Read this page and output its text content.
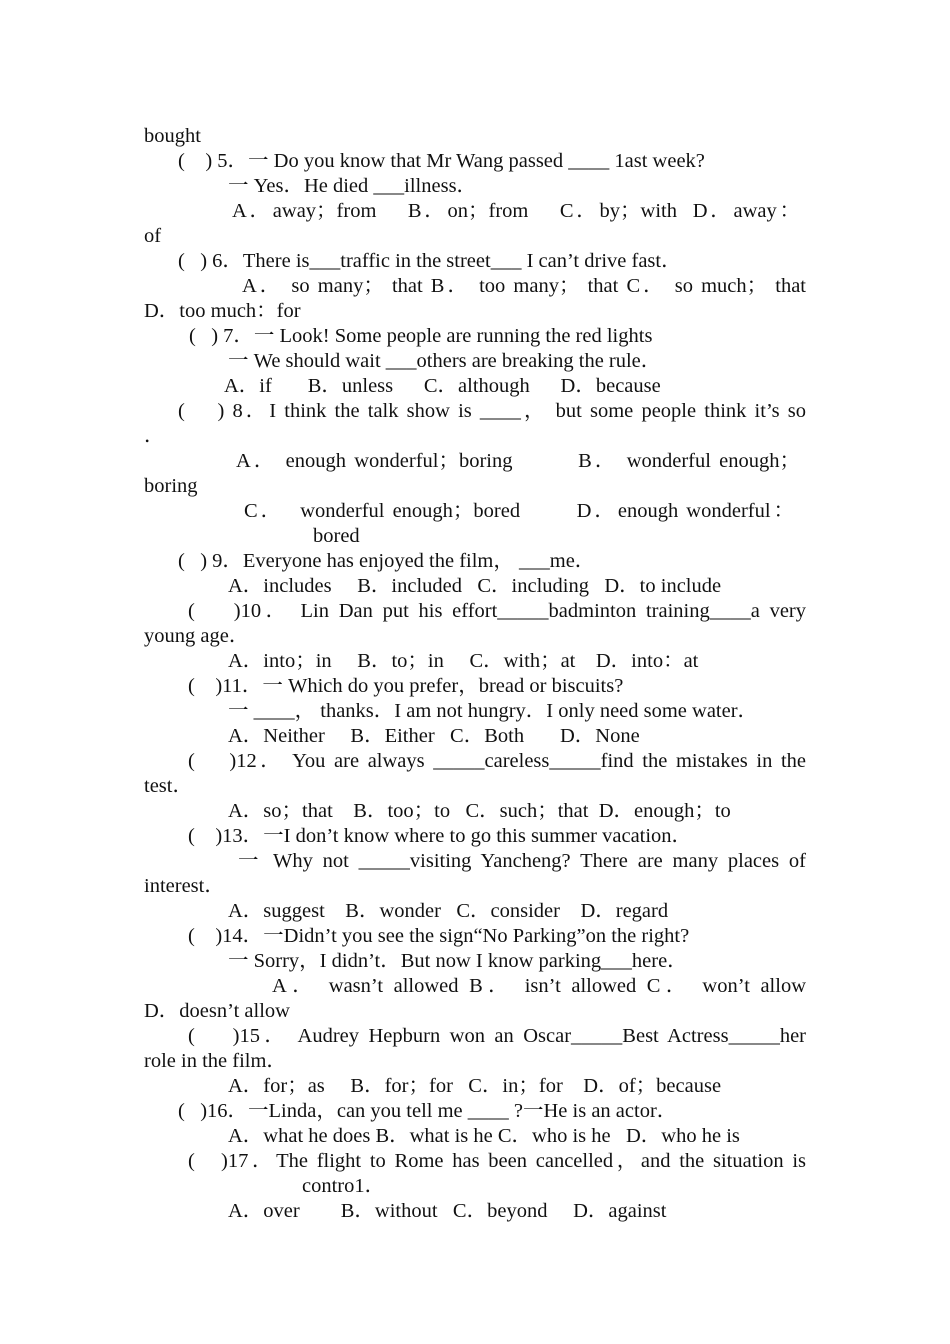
bought
(    ) 5．一 Do you know that Mr Wang passed ____ 1ast week?
一 Yes．He died ___illness．
A．away；from    B．on；from    C．by；with  D．away：
of
(   ) 6．There is___traffic in the street___ I can’t drive fast．
A． so many； that B． too many； that C． so much； that
D．too much：for
(   ) 7．一 Look! Some people are running the red lights
一 We should wait ___others are breaking the rule．
A．if       B．unless      C．although      D．because
(    ) 8．I think the talk show is ____， but some people think it’s so
．
A． enough wonderful；boring        B． wonderful enough；
boring
C．  wonderful enough；bored       D．enough wonderful：
bored
(   ) 9．Everyone has enjoyed the film， ___me．
A．includes     B．included   C．including   D．to include
(    )10． Lin Dan put his effort_____badminton training____a very
young age．
A．into；in     B．to；in     C．with；at    D．into：at
(    )11．一 Which do you prefer，bread or biscuits?
一 ____， thanks．I am not hungry．I only need some water．
A．Neither     B．Either   C．Both       D．None
(    )12． You are always _____careless_____find the mistakes in the
test．
A．so；that    B．too；to   C．such；that  D．enough；to
(    )13．一I don’t know where to go this summer vacation．
一 Why not _____visiting Yancheng? There are many places of
interest．
A．suggest    B．wonder   C．consider    D．regard
(    )14．一Didn’t you see the sign“No Parking”on the right?
一 Sorry，I didn’t．But now I know parking___here．
A． wasn’t allowed B． isn’t allowed C． won’t allow
D．doesn’t allow
(    )15． Audrey Hepburn won an Oscar_____Best Actress_____her
role in the film．
A．for；as     B．for；for   C．in；for    D．of；because
(   )16．一Linda，can you tell me ____ ?一He is an actor．
A．what he does B．what is he C．who is he   D．who he is
(   )17．The flight to Rome has been cancelled，and the situation is
contro1．
A．over        B．without   C．beyond     D．against
